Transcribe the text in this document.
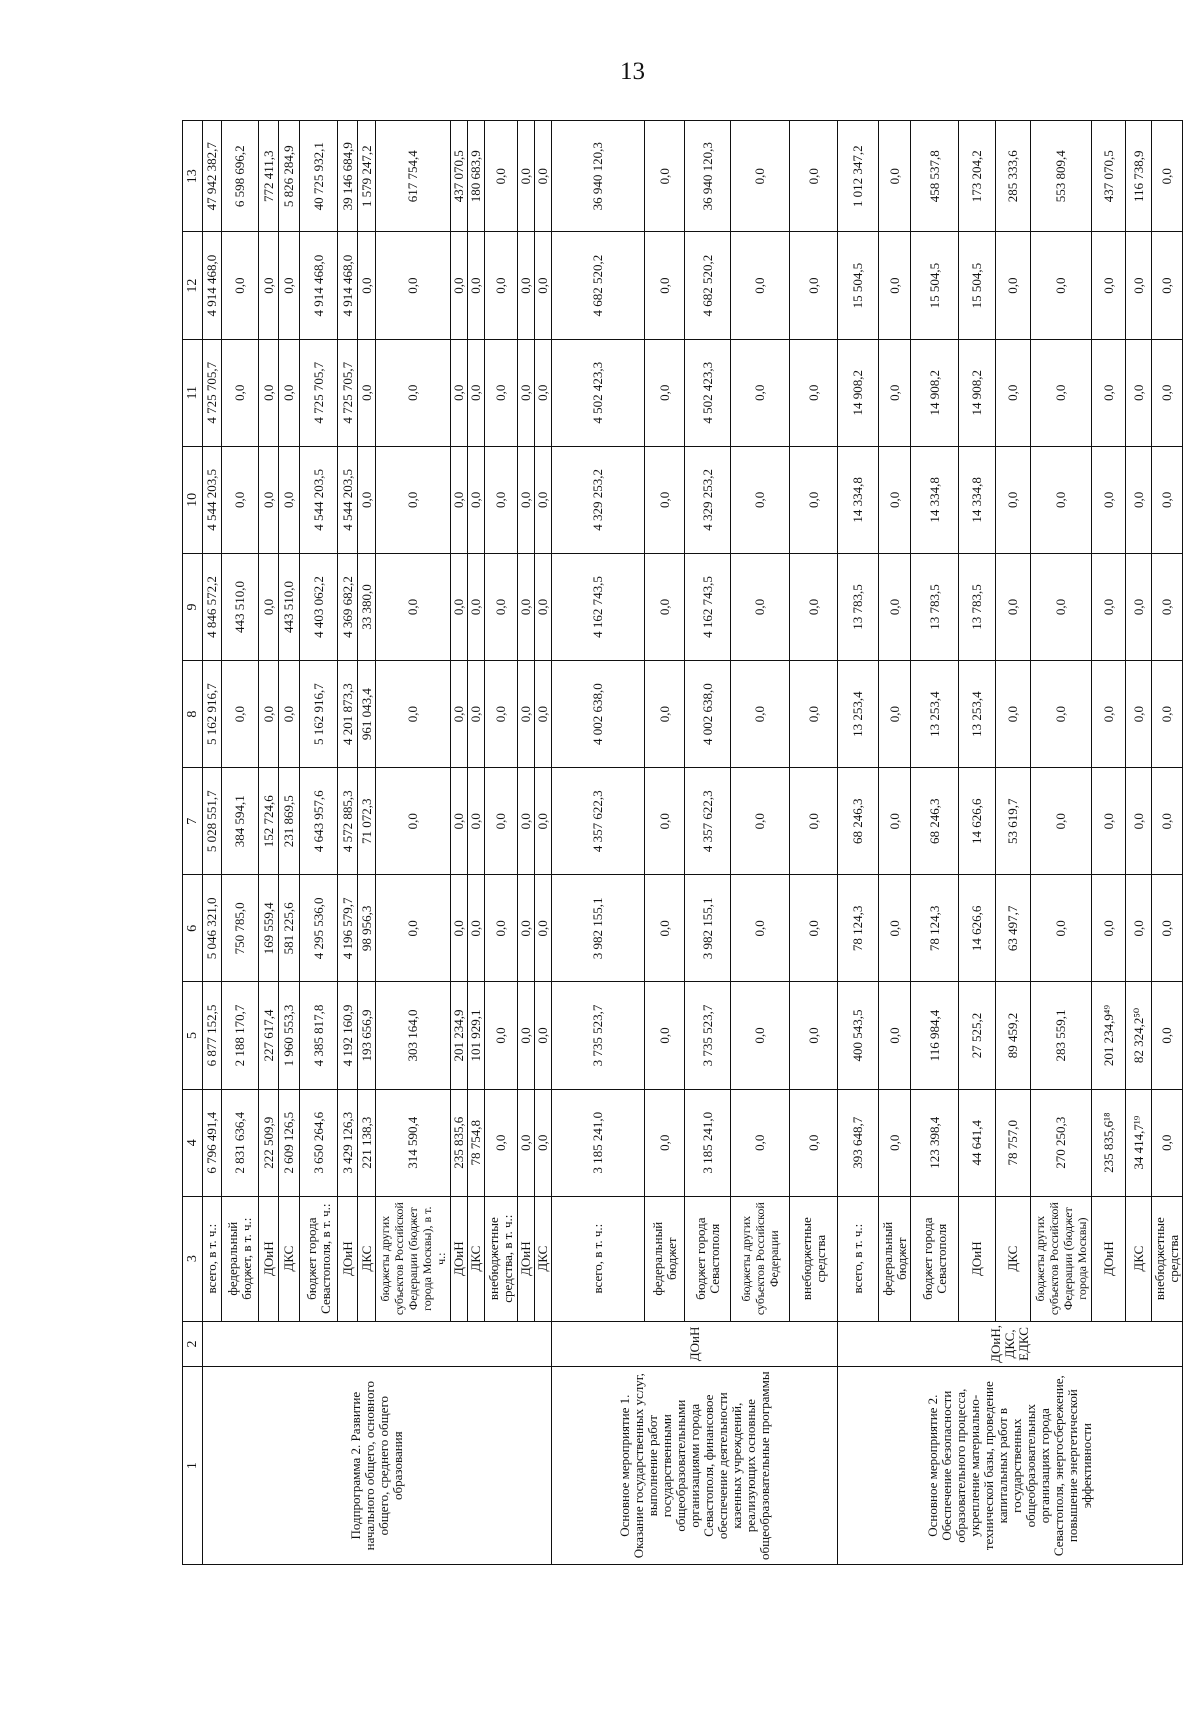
13
1	2	3	4	5	6	7	8	9	10	11	12	13
Подпрограмма 2. Развитие начального общего, основного общего, среднего общего образования		всего, в т. ч.:	6 796 491,4	6 877 152,5	5 046 321,0	5 028 551,7	5 162 916,7	4 846 572,2	4 544 203,5	4 725 705,7	4 914 468,0	47 942 382,7
		федеральный бюджет, в т. ч.:	2 831 636,4	2 188 170,7	750 785,0	384 594,1	0,0	443 510,0	0,0	0,0	0,0	6 598 696,2
		ДОиН	222 509,9	227 617,4	169 559,4	152 724,6	0,0	0,0	0,0	0,0	0,0	772 411,3
		ДКС	2 609 126,5	1 960 553,3	581 225,6	231 869,5	0,0	443 510,0	0,0	0,0	0,0	5 826 284,9
		бюджет города Севастополя, в т. ч.:	3 650 264,6	4 385 817,8	4 295 536,0	4 643 957,6	5 162 916,7	4 403 062,2	4 544 203,5	4 725 705,7	4 914 468,0	40 725 932,1
		ДОиН	3 429 126,3	4 192 160,9	4 196 579,7	4 572 885,3	4 201 873,3	4 369 682,2	4 544 203,5	4 725 705,7	4 914 468,0	39 146 684,9
		ДКС	221 138,3	193 656,9	98 956,3	71 072,3	961 043,4	33 380,0	0,0	0,0	0,0	1 579 247,2
		бюджеты других субъектов Российской Федерации (бюджет города Москвы), в т. ч.:	314 590,4	303 164,0	0,0	0,0	0,0	0,0	0,0	0,0	0,0	617 754,4
		ДОиН	235 835,6	201 234,9	0,0	0,0	0,0	0,0	0,0	0,0	0,0	437 070,5
		ДКС	78 754,8	101 929,1	0,0	0,0	0,0	0,0	0,0	0,0	0,0	180 683,9
		внебюджетные средства, в т. ч.:	0,0	0,0	0,0	0,0	0,0	0,0	0,0	0,0	0,0	0,0
		ДОиН	0,0	0,0	0,0	0,0	0,0	0,0	0,0	0,0	0,0	0,0
		ДКС	0,0	0,0	0,0	0,0	0,0	0,0	0,0	0,0	0,0	0,0
Основное мероприятие 1. Оказание государственных услуг, выполнение работ государственными общеобразовательными организациями города Севастополя, финансовое обеспечение деятельности казенных учреждений, реализующих основные общеобразовательные программы	ДОиН	всего, в т. ч.:	3 185 241,0	3 735 523,7	3 982 155,1	4 357 622,3	4 002 638,0	4 162 743,5	4 329 253,2	4 502 423,3	4 682 520,2	36 940 120,3
		федеральный бюджет	0,0	0,0	0,0	0,0	0,0	0,0	0,0	0,0	0,0	0,0
		бюджет города Севастополя	3 185 241,0	3 735 523,7	3 982 155,1	4 357 622,3	4 002 638,0	4 162 743,5	4 329 253,2	4 502 423,3	4 682 520,2	36 940 120,3
		бюджеты других субъектов Российской Федерации	0,0	0,0	0,0	0,0	0,0	0,0	0,0	0,0	0,0	0,0
		внебюджетные средства	0,0	0,0	0,0	0,0	0,0	0,0	0,0	0,0	0,0	0,0
Основное мероприятие 2. Обеспечение безопасности образовательного процесса, укрепление материально-технической базы, проведение капитальных работ в государственных общеобразовательных организациях города Севастополя, энергосбережение, повышение энергетической эффективности	ДОиН, ДКС, ЕДКС	всего, в т. ч.:	393 648,7	400 543,5	78 124,3	68 246,3	13 253,4	13 783,5	14 334,8	14 908,2	15 504,5	1 012 347,2
		федеральный бюджет	0,0	0,0	0,0	0,0	0,0	0,0	0,0	0,0	0,0	0,0
		бюджет города Севастополя	123 398,4	116 984,4	78 124,3	68 246,3	13 253,4	13 783,5	14 334,8	14 908,2	15 504,5	458 537,8
		ДОиН	44 641,4	27 525,2	14 626,6	14 626,6	13 253,4	13 783,5	14 334,8	14 908,2	15 504,5	173 204,2
		ДКС	78 757,0	89 459,2	63 497,7	53 619,7	0,0	0,0	0,0	0,0	0,0	285 333,6
		бюджеты других субъектов Российской Федерации (бюджет города Москвы)	270 250,3	283 559,1	0,0	0,0	0,0	0,0	0,0	0,0	0,0	553 809,4
		ДОиН	235 835,6¹⁸	201 234,9⁴⁹	0,0	0,0	0,0	0,0	0,0	0,0	0,0	437 070,5
		ДКС	34 414,7¹⁹	82 324,2⁵⁰	0,0	0,0	0,0	0,0	0,0	0,0	0,0	116 738,9
		внебюджетные средства	0,0	0,0	0,0	0,0	0,0	0,0	0,0	0,0	0,0	0,0
